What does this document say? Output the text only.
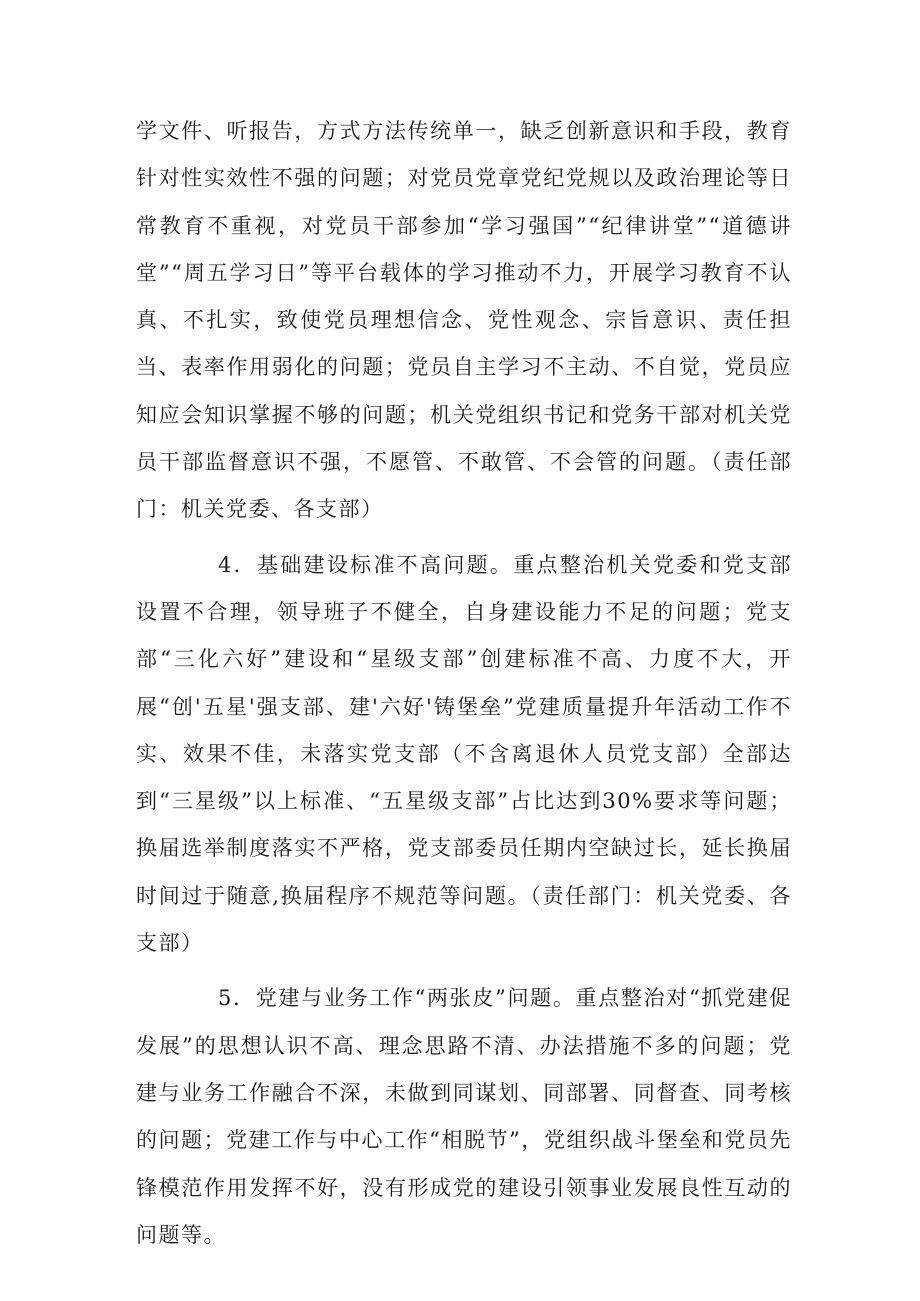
学文件、听报告，方式方法传统单一，缺乏创新意识和手段，教育针对性实效性不强的问题；对党员党章党纪党规以及政治理论等日常教育不重视，对党员干部参加“学习强国”“纪律讲堂”“道德讲堂”“周五学习日”等平台载体的学习推动不力，开展学习教育不认真、不扎实，致使党员理想信念、党性观念、宗旨意识、责任担当、表率作用弱化的问题；党员自主学习不主动、不自觉，党员应知应会知识掌握不够的问题；机关党组织书记和党务干部对机关党员干部监督意识不强，不愿管、不敢管、不会管的问题。（责任部门：机关党委、各支部）

4．基础建设标准不高问题。重点整治机关党委和党支部设置不合理，领导班子不健全，自身建设能力不足的问题；党支部“三化六好”建设和“星级支部”创建标准不高、力度不大，开展“创'五星'强支部、建'六好'铸堡垒”党建质量提升年活动工作不实、效果不佳，未落实党支部（不含离退休人员党支部）全部达到“三星级”以上标准、“五星级支部”占比达到30%要求等问题；换届选举制度落实不严格，党支部委员任期内空缺过长，延长换届时间过于随意,换届程序不规范等问题。（责任部门：机关党委、各支部）

5．党建与业务工作“两张皮”问题。重点整治对“抓党建促发展”的思想认识不高、理念思路不清、办法措施不多的问题；党建与业务工作融合不深，未做到同谋划、同部署、同督查、同考核的问题；党建工作与中心工作“相脱节”，党组织战斗堡垒和党员先锋模范作用发挥不好，没有形成党的建设引领事业发展良性互动的问题等。
